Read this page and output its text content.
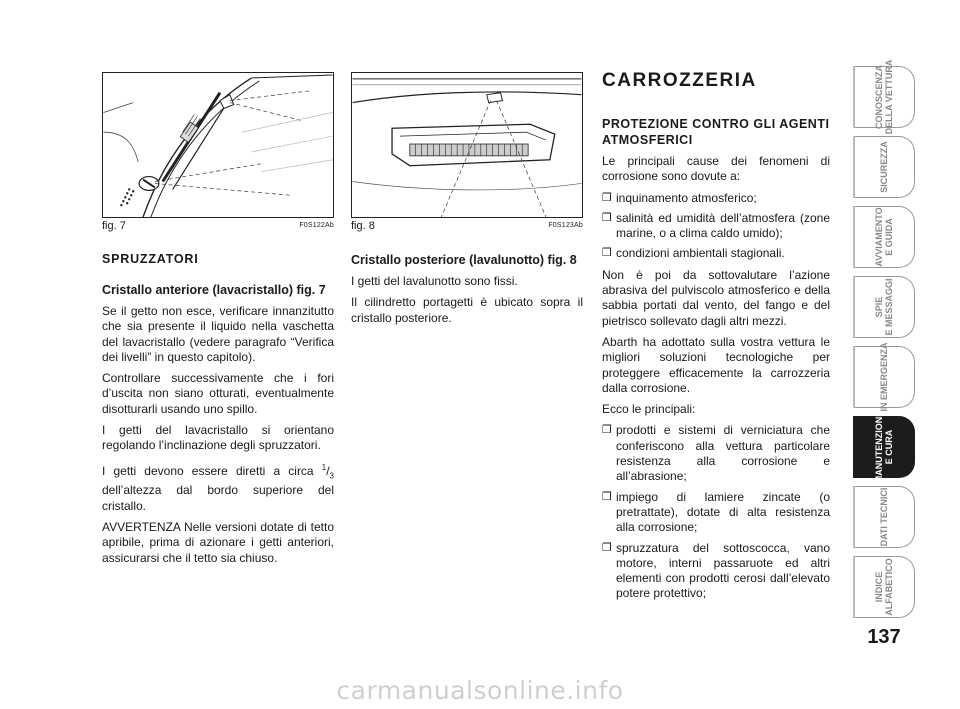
fig. 7	F0S122Ab
SPRUZZATORI
Cristallo anteriore (lavacristallo) fig. 7

Se il getto non esce, verificare innanzitutto che sia presente il liquido nella vaschetta del lavacristallo (vedere paragrafo “Verifica dei livelli” in questo capitolo).

Controllare successivamente che i fori d’uscita non siano otturati, eventualmente disotturarli usando uno spillo.

I getti del lavacristallo si orientano regolando l’inclinazione degli spruzzatori.

I getti devono essere diretti a circa $^1/_3$ dell’altezza dal bordo superiore del cristallo.

AVVERTENZA Nelle versioni dotate di tetto apribile, prima di azionare i getti anteriori, assicurarsi che il tetto sia chiuso.

fig. 8	F0S123Ab
Cristallo posteriore (lavalunotto) fig. 8

I getti del lavalunotto sono fissi.

Il cilindretto portagetti è ubicato sopra il cristallo posteriore.

CARROZZERIA
PROTEZIONE CONTRO GLI AGENTI ATMOSFERICI

Le principali cause dei fenomeni di corrosione sono dovute a:

❒ inquinamento atmosferico;
❒ salinità ed umidità dell’atmosfera (zone marine, o a clima caldo umido);
❒ condizioni ambientali stagionali.

Non è poi da sottovalutare l’azione abrasiva del pulviscolo atmosferico e della sabbia portati dal vento, del fango e del pietrisco sollevato dagli altri mezzi.

Abarth ha adottato sulla vostra vettura le migliori soluzioni tecnologiche per proteggere efficacemente la carrozzeria dalla corrosione.

Ecco le principali:

❒ prodotti e sistemi di verniciatura che conferiscono alla vettura particolare resistenza alla corrosione e all’abrasione;
❒ impiego di lamiere zincate (o pretrattate), dotate di alta resistenza alla corrosione;
❒ spruzzatura del sottoscocca, vano motore, interni passaruote ed altri elementi con prodotti cerosi dall’elevato potere protettivo;
CONOSCENZA
DELLA VETTURA
SICUREZZA
AVVIAMENTO
E GUIDA
SPIE
E MESSAGGI
IN EMERGENZA
MANUTENZIONE
E CURA
DATI TECNICI
INDICE
ALFABETICO
137
carmanualsonline.info
